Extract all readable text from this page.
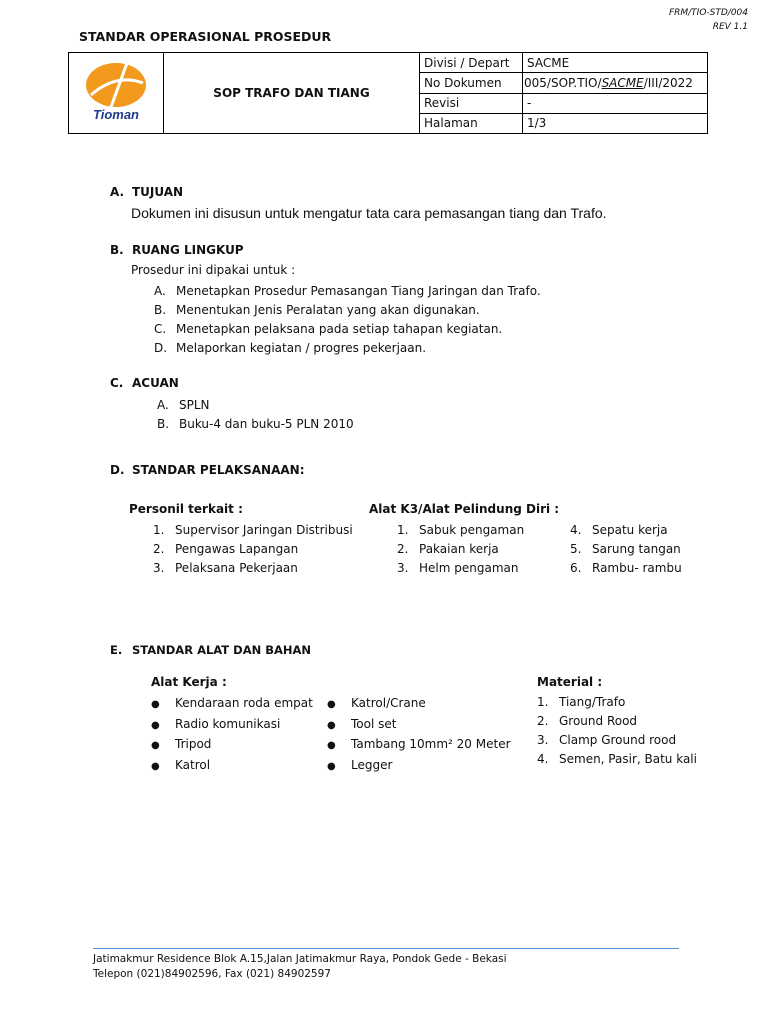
FRM/TIO-STD/004
REV 1.1
STANDAR OPERASIONAL PROSEDUR
Tioman	SOP TRAFO DAN TIANG	Divisi / Depart	SACME
		No Dokumen	005/SOP.TIO/SACME/III/2022
		Revisi	-
		Halaman	1/3
A. TUJUAN
Dokumen ini disusun untuk mengatur tata cara pemasangan tiang dan Trafo.
B. RUANG LINGKUP
Prosedur ini dipakai untuk :
A. Menetapkan Prosedur Pemasangan Tiang Jaringan dan Trafo.
B. Menentukan Jenis Peralatan yang akan digunakan.
C. Menetapkan pelaksana pada setiap tahapan kegiatan.
D. Melaporkan kegiatan / progres pekerjaan.
C. ACUAN
A. SPLN
B. Buku-4 dan buku-5 PLN 2010
D. STANDAR PELAKSANAAN:
Personil terkait :
1. Supervisor Jaringan Distribusi
2. Pengawas Lapangan
3. Pelaksana Pekerjaan
Alat K3/Alat Pelindung Diri :
1. Sabuk pengaman
2. Pakaian kerja
3. Helm pengaman
4. Sepatu kerja
5. Sarung tangan
6. Rambu- rambu
E. STANDAR ALAT DAN BAHAN
Alat Kerja :
● Kendaraan roda empat
● Radio komunikasi
● Tripod
● Katrol
● Katrol/Crane
● Tool set
● Tambang 10mm² 20 Meter
● Legger
Material :
1. Tiang/Trafo
2. Ground Rood
3. Clamp Ground rood
4. Semen, Pasir, Batu kali
Jatimakmur Residence Blok A.15,Jalan Jatimakmur Raya, Pondok Gede - Bekasi
Telepon (021)84902596, Fax (021) 84902597
